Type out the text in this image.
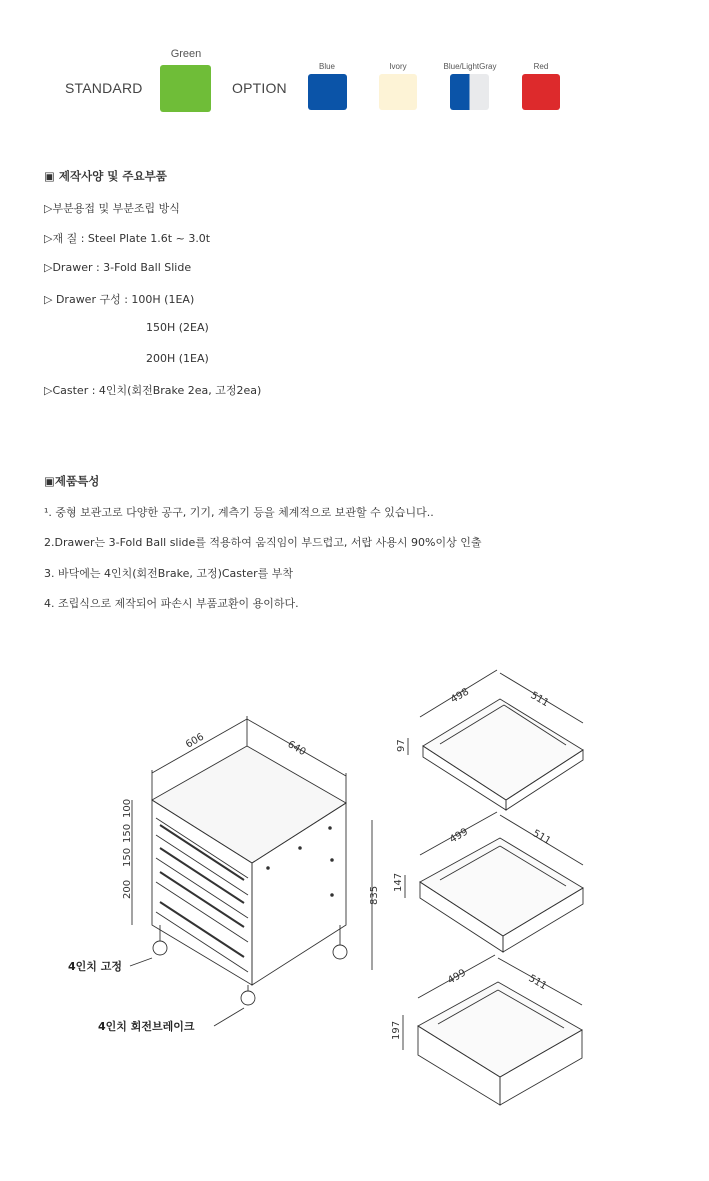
STANDARD
Green
OPTION
Blue	Ivory	Blue/LightGray	Red
▣ 제작사양 및 주요부품
▷부분용접 및 부분조립 방식
▷재 질 : Steel Plate 1.6t ~ 3.0t
▷Drawer : 3-Fold Ball Slide
▷ Drawer 구성 : 100H (1EA)
150H (2EA)
200H (1EA)
▷Caster : 4인치(회전Brake 2ea, 고정2ea)
▣제품특성
¹. 중형 보관고로 다양한 공구, 기기, 계측기 등을 체계적으로 보관할 수 있습니다..
2.Drawer는 3-Fold Ball slide를 적용하여 움직임이 부드럽고, 서랍 사용시 90%이상 인출
3. 바닥에는 4인치(회전Brake, 고정)Caster를 부착
4. 조립식으로 제작되어 파손시 부품교환이 용이하다.
606	640
835
100
150
150
200
498	511
97
499	511
147
499	511
197
4인치 고정
4인치 회전브레이크
